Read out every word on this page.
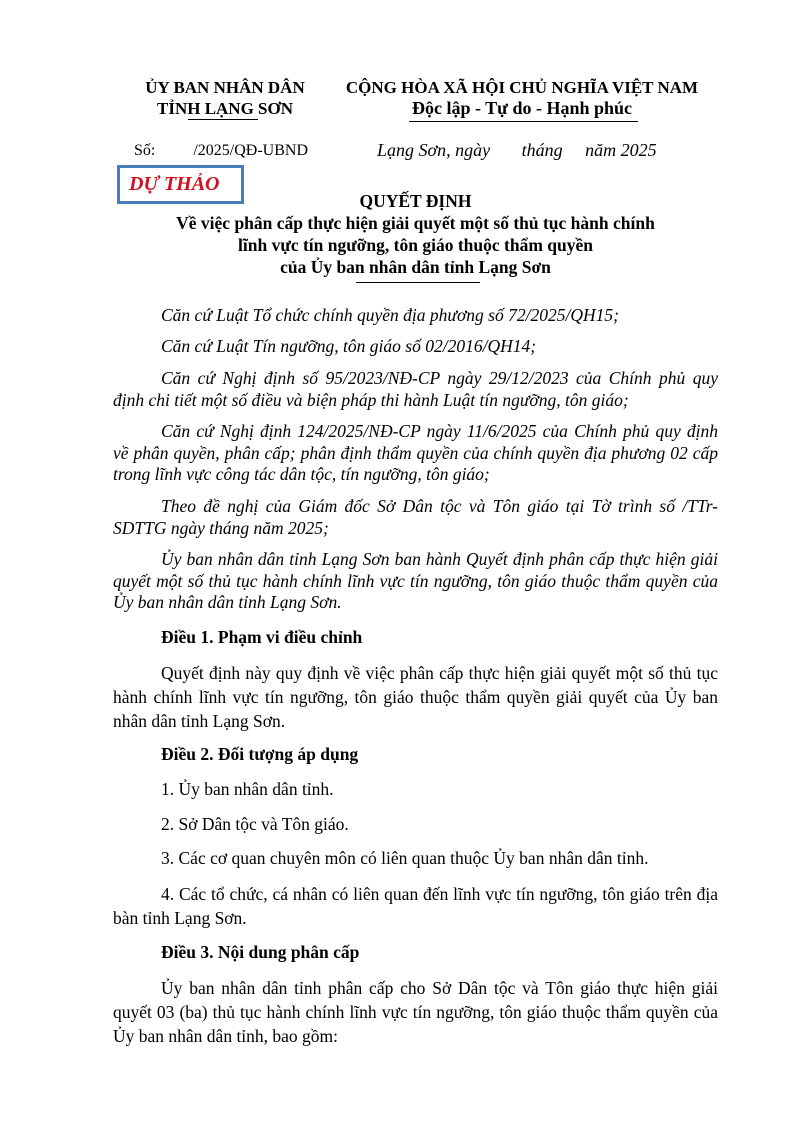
ỦY BAN NHÂN DÂN
TỈNH LẠNG SƠN
CỘNG HÒA XÃ HỘI CHỦ NGHĨA VIỆT NAM
Độc lập - Tự do - Hạnh phúc
Số: /2025/QĐ-UBND	Lạng Sơn, ngày       tháng     năm 2025
DỰ THẢO
QUYẾT ĐỊNH
Về việc phân cấp thực hiện giải quyết một số thủ tục hành chính
lĩnh vực tín ngưỡng, tôn giáo thuộc thẩm quyền
của Ủy ban nhân dân tỉnh Lạng Sơn
Căn cứ Luật Tổ chức chính quyền địa phương số 72/2025/QH15;
Căn cứ Luật Tín ngưỡng, tôn giáo số 02/2016/QH14;
Căn cứ Nghị định số 95/2023/NĐ-CP ngày 29/12/2023 của Chính phủ quy định chi tiết một số điều và biện pháp thi hành Luật tín ngưỡng, tôn giáo;
Căn cứ Nghị định 124/2025/NĐ-CP ngày 11/6/2025 của Chính phủ quy định về phân quyền, phân cấp; phân định thẩm quyền của chính quyền địa phương 02 cấp trong lĩnh vực công tác dân tộc, tín ngưỡng, tôn giáo;
Theo đề nghị của Giám đốc Sở Dân tộc và Tôn giáo tại Tờ trình số /TTr-SDTTG ngày tháng năm 2025;
Ủy ban nhân dân tỉnh Lạng Sơn ban hành Quyết định phân cấp thực hiện giải quyết một số thủ tục hành chính lĩnh vực tín ngưỡng, tôn giáo thuộc thẩm quyền của Ủy ban nhân dân tỉnh Lạng Sơn.
Điều 1. Phạm vi điều chỉnh
Quyết định này quy định về việc phân cấp thực hiện giải quyết một số thủ tục hành chính lĩnh vực tín ngưỡng, tôn giáo thuộc thẩm quyền giải quyết của Ủy ban nhân dân tỉnh Lạng Sơn.
Điều 2. Đối tượng áp dụng
1. Ủy ban nhân dân tỉnh.
2. Sở Dân tộc và Tôn giáo.
3. Các cơ quan chuyên môn có liên quan thuộc Ủy ban nhân dân tỉnh.
4. Các tổ chức, cá nhân có liên quan đến lĩnh vực tín ngưỡng, tôn giáo trên địa bàn tỉnh Lạng Sơn.
Điều 3. Nội dung phân cấp
Ủy ban nhân dân tỉnh phân cấp cho Sở Dân tộc và Tôn giáo thực hiện giải quyết 03 (ba) thủ tục hành chính lĩnh vực tín ngưỡng, tôn giáo thuộc thẩm quyền của Ủy ban nhân dân tỉnh, bao gồm:
